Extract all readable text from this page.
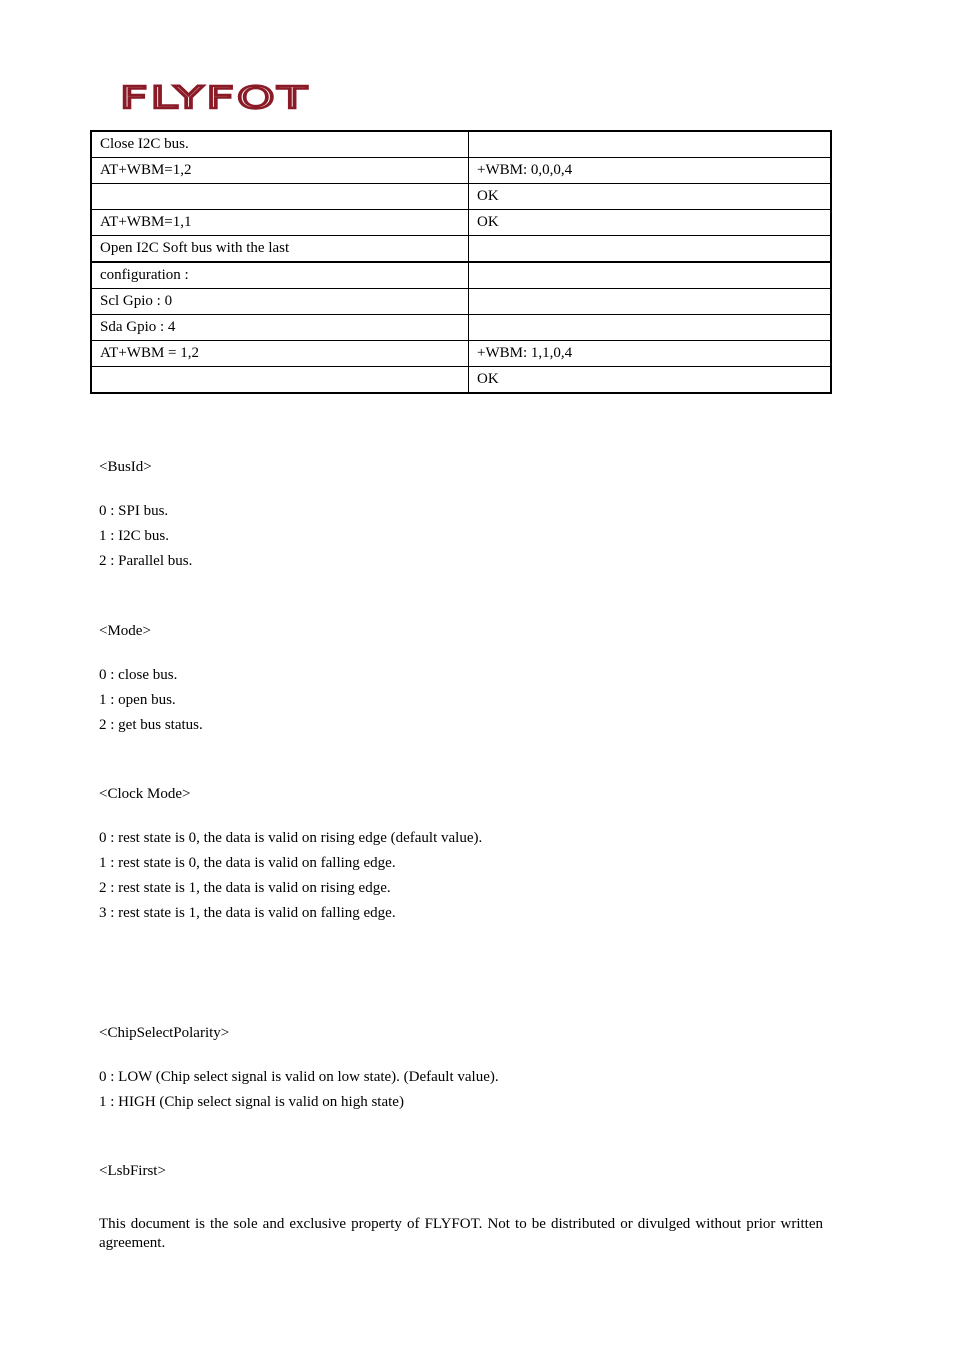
FLYFOT
Close I2C bus.	
AT+WBM=1,2	+WBM: 0,0,0,4
	OK
AT+WBM=1,1	OK
Open I2C Soft bus with the last	
configuration :	
Scl Gpio : 0	
Sda Gpio : 4	
AT+WBM = 1,2	+WBM: 1,1,0,4
	OK
<BusId>
0 : SPI bus.
1 : I2C bus.
2 : Parallel bus.
<Mode>
0 : close bus.
1 : open bus.
2 : get bus status.
<Clock Mode>
0 : rest state is 0, the data is valid on rising edge (default value).
1 : rest state is 0, the data is valid on falling edge.
2 : rest state is 1, the data is valid on rising edge.
3 : rest state is 1, the data is valid on falling edge.
<ChipSelectPolarity>
0 : LOW (Chip select signal is valid on low state). (Default value).
1 : HIGH (Chip select signal is valid on high state)
<LsbFirst>
This document is the sole and exclusive property of FLYFOT. Not to be distributed or divulged without prior written agreement.
